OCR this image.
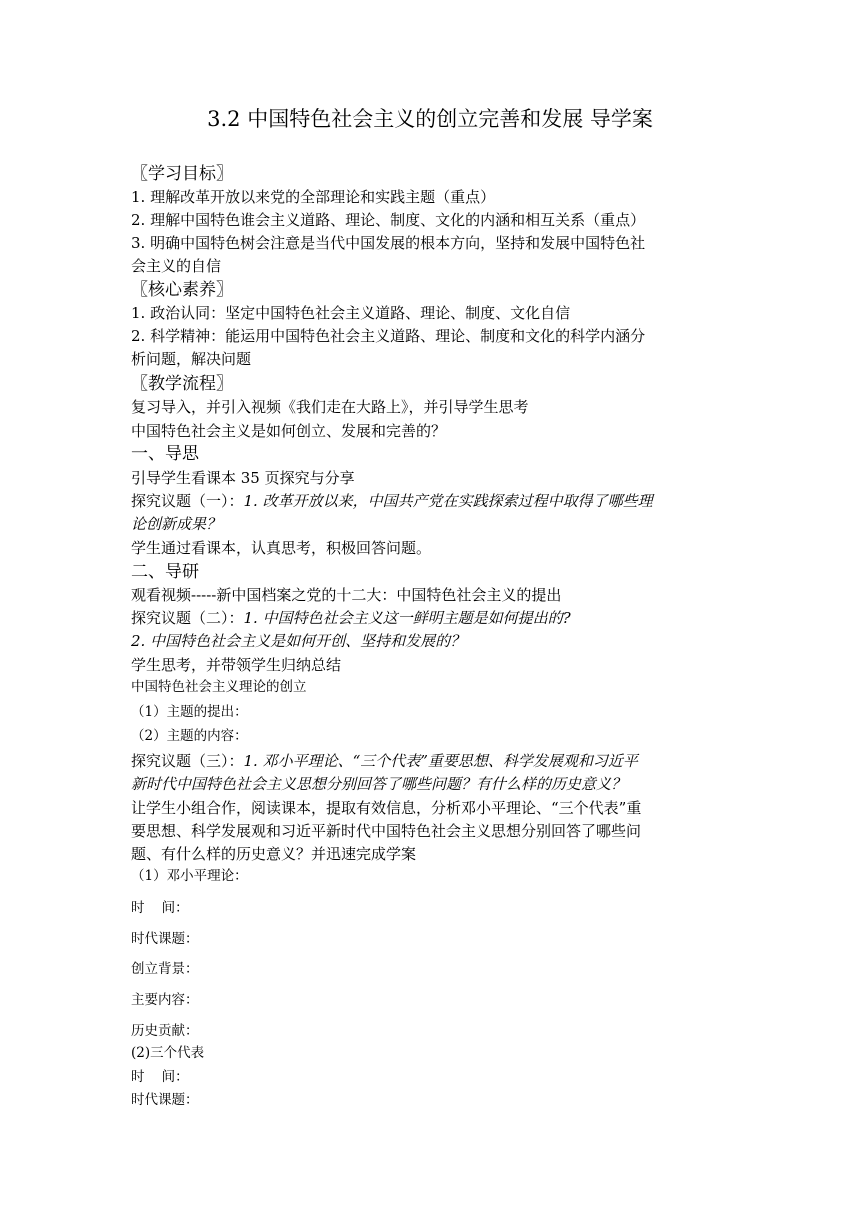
3.2 中国特色社会主义的创立完善和发展 导学案
〖学习目标〗
1. 理解改革开放以来党的全部理论和实践主题（重点）
2. 理解中国特色谁会主义道路、理论、制度、文化的内涵和相互关系（重点）
3. 明确中国特色树会注意是当代中国发展的根本方向，坚持和发展中国特色社
会主义的自信
〖核心素养〗
1. 政治认同：坚定中国特色社会主义道路、理论、制度、文化自信
2. 科学精神：能运用中国特色社会主义道路、理论、制度和文化的科学内涵分
析问题，解决问题
〖教学流程〗
复习导入，并引入视频《我们走在大路上》，并引导学生思考
中国特色社会主义是如何创立、发展和完善的？
一、导思
引导学生看课本 35 页探究与分享
探究议题（一）：1. 改革开放以来，中国共产党在实践探索过程中取得了哪些理
论创新成果？
学生通过看课本，认真思考，积极回答问题。
二、导研
观看视频-----新中国档案之党的十二大：中国特色社会主义的提出
探究议题（二）：1. 中国特色社会主义这一鲜明主题是如何提出的?
2. 中国特色社会主义是如何开创、坚持和发展的？
学生思考，并带领学生归纳总结
中国特色社会主义理论的创立
（1）主题的提出：
（2）主题的内容：
探究议题（三）：1. 邓小平理论、“三个代表”重要思想、科学发展观和习近平
新时代中国特色社会主义思想分别回答了哪些问题？有什么样的历史意义？
让学生小组合作，阅读课本，提取有效信息，分析邓小平理论、“三个代表”重
要思想、科学发展观和习近平新时代中国特色社会主义思想分别回答了哪些问
题、有什么样的历史意义？并迅速完成学案
（1）邓小平理论：
时    间：
时代课题：
创立背景：
主要内容：
历史贡献：
(2)三个代表
时    间：
时代课题：
